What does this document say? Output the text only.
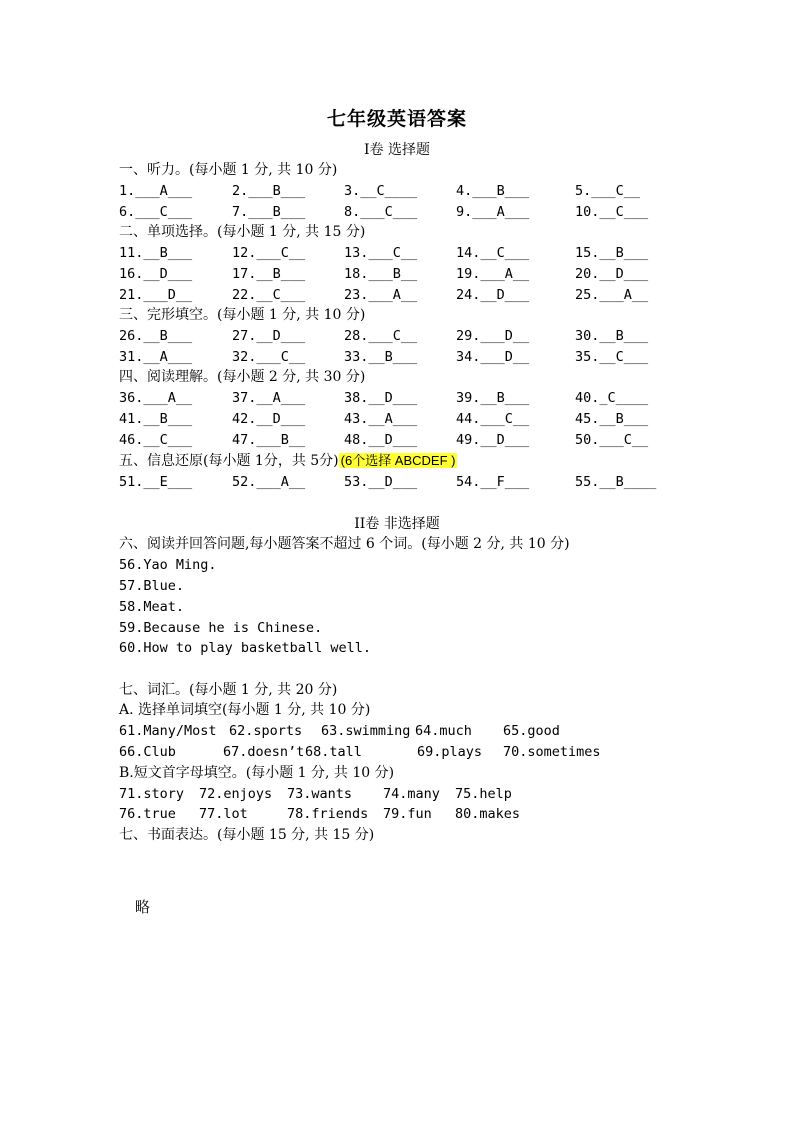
七年级英语答案
I卷 选择题
一、听力。(每小题 1 分, 共 10 分)
1.___A___	2.___B___	3.__C____	4.___B___	5.___C__
6.___C___	7.___B___	8.___C___	9.___A___	10.__C___
二、单项选择。(每小题 1 分, 共 15 分)
11.__B___	12.___C__	13.___C__	14.__C___	15.__B___
16.__D___	17.__B___	18.___B__	19.___A__	20.__D___
21.___D__	22.__C___	23.___A__	24.__D___	25.___A__
三、完形填空。(每小题 1 分, 共 10 分)
26.__B___	27.__D___	28.___C__	29.___D__	30.__B___
31.__A___	32.___C__	33.__B___	34.___D__	35.__C___
四、阅读理解。(每小题 2 分, 共 30 分)
36.___A__	37.__A___	38.__D___	39.__B___	40._C____
41.__B___	42.__D___	43.__A___	44.___C__	45.__B___
46.__C___	47.___B__	48.__D___	49.__D___	50.___C__
五、信息还原(每小题 1分，共 5分) (6个选择 ABCDEF )
51.__E___	52.___A__	53.__D___	54.__F___	55.__B____
II卷 非选择题
六、阅读并回答问题,每小题答案不超过 6 个词。(每小题 2 分, 共 10 分)
56.Yao Ming.
57.Blue.
58.Meat.
59.Because he is Chinese.
60.How to play basketball well.
七、词汇。(每小题 1 分, 共 20 分)
A. 选择单词填空(每小题 1 分, 共 10 分)
61.Many/Most 62.sports 63.swimming 64.much 65.good
66.Club	67.doesn’t 68.tall	69.plays 70.sometimes
B.短文首字母填空。(每小题 1 分, 共 10 分)
71.story 72.enjoys 73.wants 74.many 75.help
76.true 77.lot	78.friends 79.fun 80.makes
七、书面表达。(每小题 15 分, 共 15 分)
略
